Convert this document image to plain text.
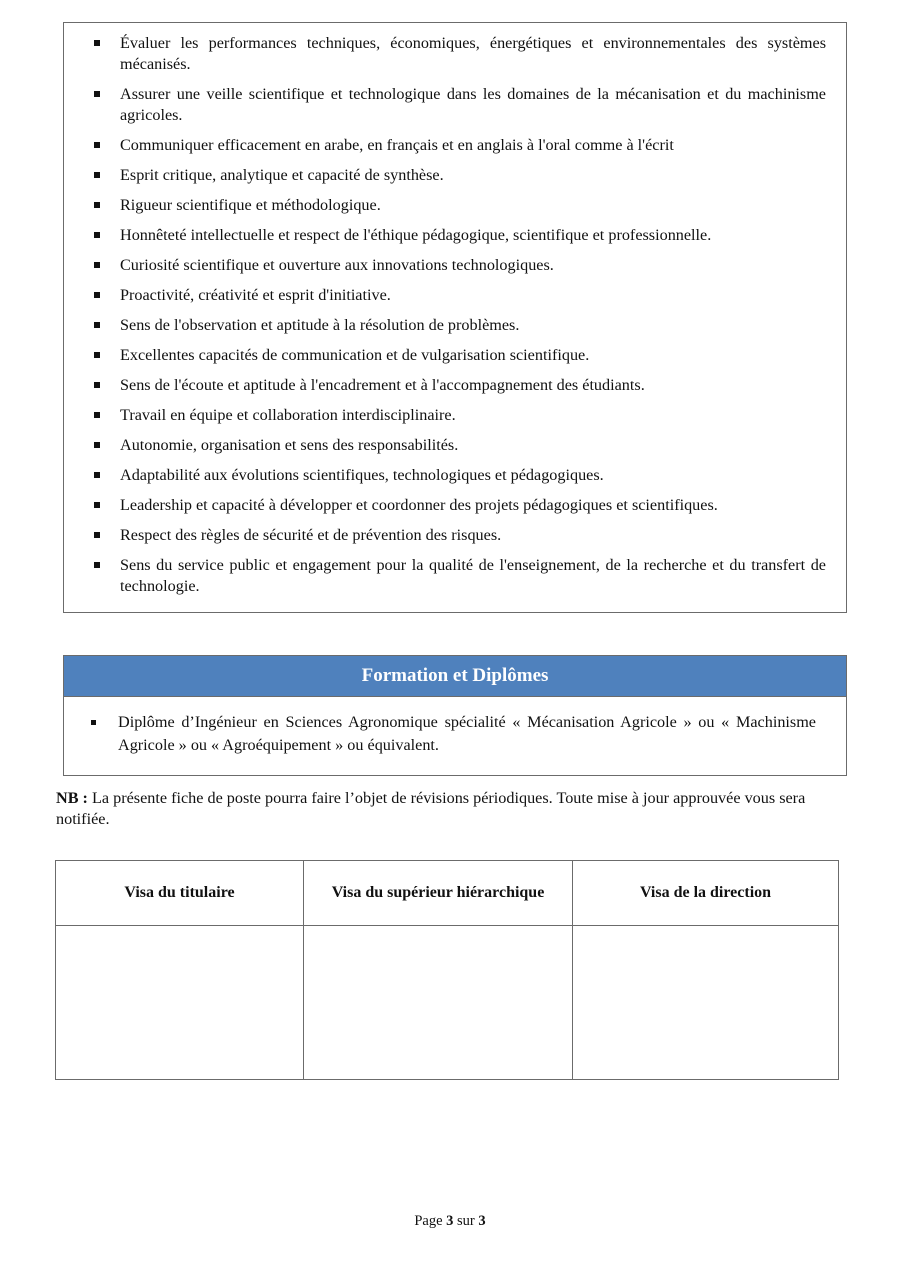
Évaluer les performances techniques, économiques, énergétiques et environnementales des systèmes mécanisés.
Assurer une veille scientifique et technologique dans les domaines de la mécanisation et du machinisme agricoles.
Communiquer efficacement en arabe, en français et en anglais à l'oral comme à l'écrit
Esprit critique, analytique et capacité de synthèse.
Rigueur scientifique et méthodologique.
Honnêteté intellectuelle et respect de l'éthique pédagogique, scientifique et professionnelle.
Curiosité scientifique et ouverture aux innovations technologiques.
Proactivité, créativité et esprit d'initiative.
Sens de l'observation et aptitude à la résolution de problèmes.
Excellentes capacités de communication et de vulgarisation scientifique.
Sens de l'écoute et aptitude à l'encadrement et à l'accompagnement des étudiants.
Travail en équipe et collaboration interdisciplinaire.
Autonomie, organisation et sens des responsabilités.
Adaptabilité aux évolutions scientifiques, technologiques et pédagogiques.
Leadership et capacité à développer et coordonner des projets pédagogiques et scientifiques.
Respect des règles de sécurité et de prévention des risques.
Sens du service public et engagement pour la qualité de l'enseignement, de la recherche et du transfert de technologie.
Formation et Diplômes
Diplôme d’Ingénieur en Sciences Agronomique spécialité « Mécanisation Agricole » ou « Machinisme Agricole » ou « Agroéquipement » ou équivalent.
NB : La présente fiche de poste pourra faire l’objet de révisions périodiques. Toute mise à jour approuvée vous sera notifiée.
Visa du titulaire	Visa du supérieur hiérarchique	Visa de la direction

Page 3 sur 3
